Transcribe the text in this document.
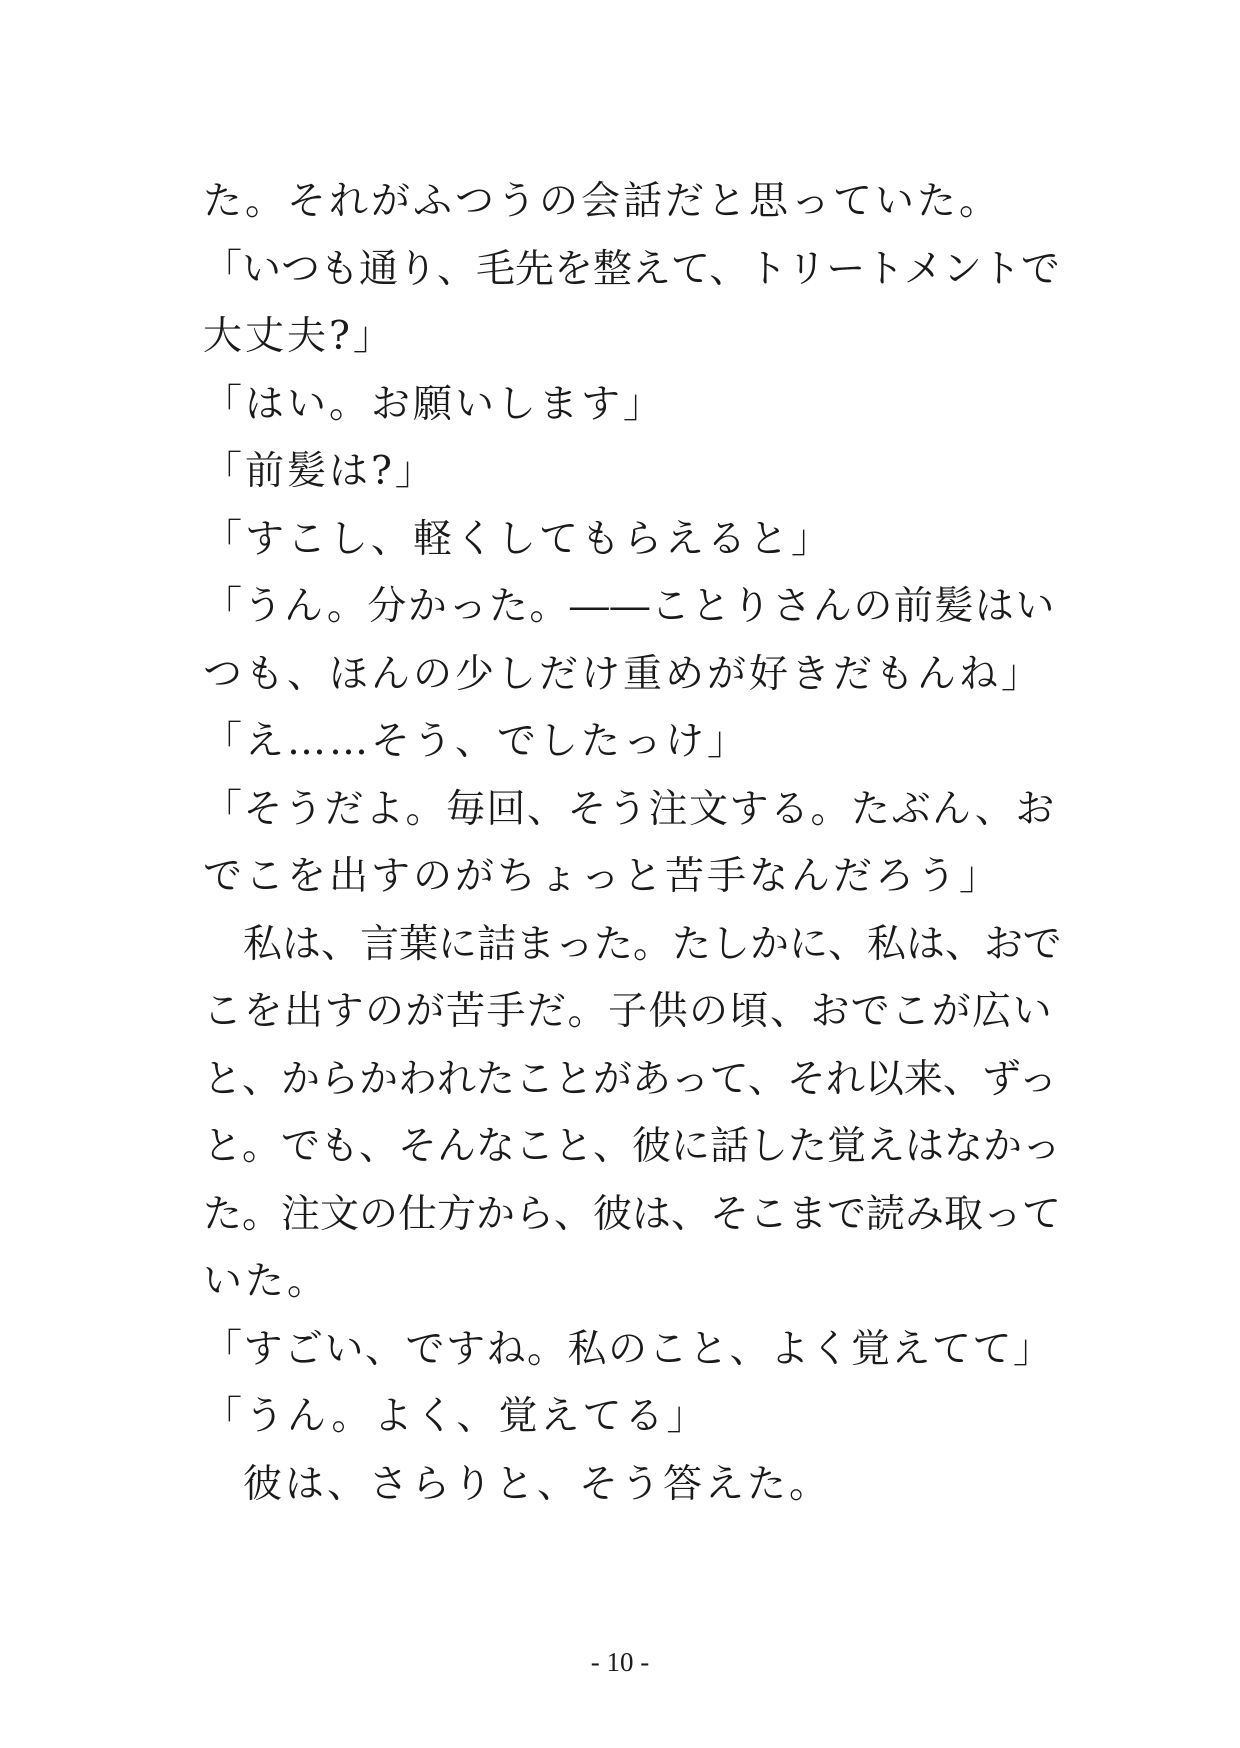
た。それがふつうの会話だと思っていた。
「いつも通り、毛先を整えて、トリートメントで
大丈夫?」
「はい。お願いします」
「前髪は?」
「すこし、軽くしてもらえると」
「うん。分かった。――ことりさんの前髪はい
つも、ほんの少しだけ重めが好きだもんね」
「え……そう、でしたっけ」
「そうだよ。毎回、そう注文する。たぶん、お
でこを出すのがちょっと苦手なんだろう」
私は、言葉に詰まった。たしかに、私は、おで
こを出すのが苦手だ。子供の頃、おでこが広い
と、からかわれたことがあって、それ以来、ずっ
と。でも、そんなこと、彼に話した覚えはなかっ
た。注文の仕方から、彼は、そこまで読み取って
いた。
「すごい、ですね。私のこと、よく覚えてて」
「うん。よく、覚えてる」
彼は、さらりと、そう答えた。
- 10 -
